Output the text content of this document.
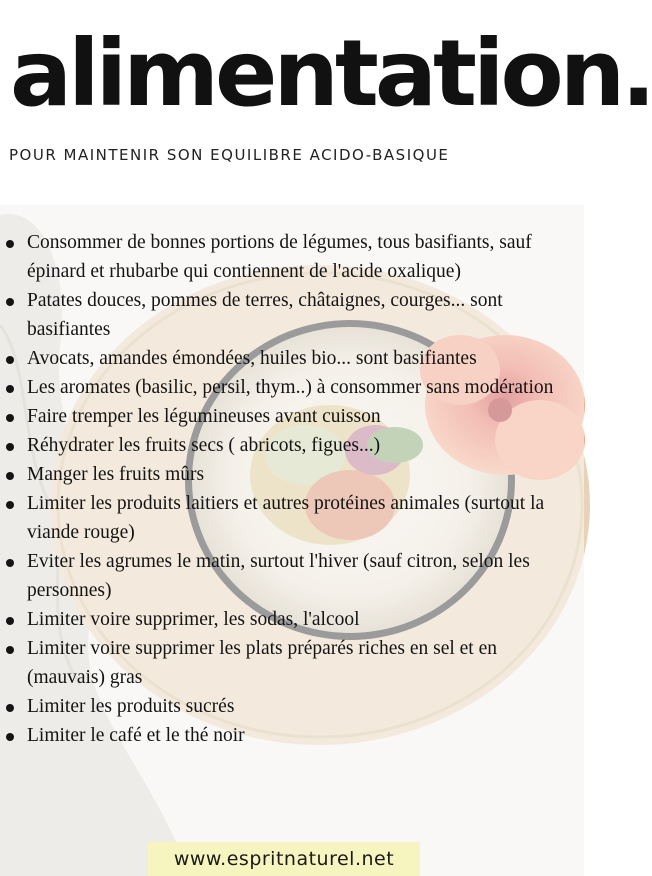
alimentation.

POUR MAINTENIR SON EQUILIBRE ACIDO-BASIQUE

Consommer de bonnes portions de légumes, tous basifiants, sauf épinard et rhubarbe qui contiennent de l'acide oxalique)
Patates douces, pommes de terres, châtaignes, courges... sont basifiantes
Avocats, amandes émondées, huiles bio... sont basifiantes
Les aromates (basilic, persil, thym..) à consommer sans modération
Faire tremper les légumineuses avant cuisson
Réhydrater les fruits secs ( abricots, figues...)
Manger les fruits mûrs
Limiter les produits laitiers et autres protéines animales (surtout la viande rouge)
Eviter les agrumes le matin, surtout l'hiver (sauf citron, selon les personnes)
Limiter voire supprimer, les sodas, l'alcool
Limiter voire supprimer les plats préparés riches en sel et en (mauvais) gras
Limiter les produits sucrés
Limiter le café et le thé noir
www.espritnaturel.net
